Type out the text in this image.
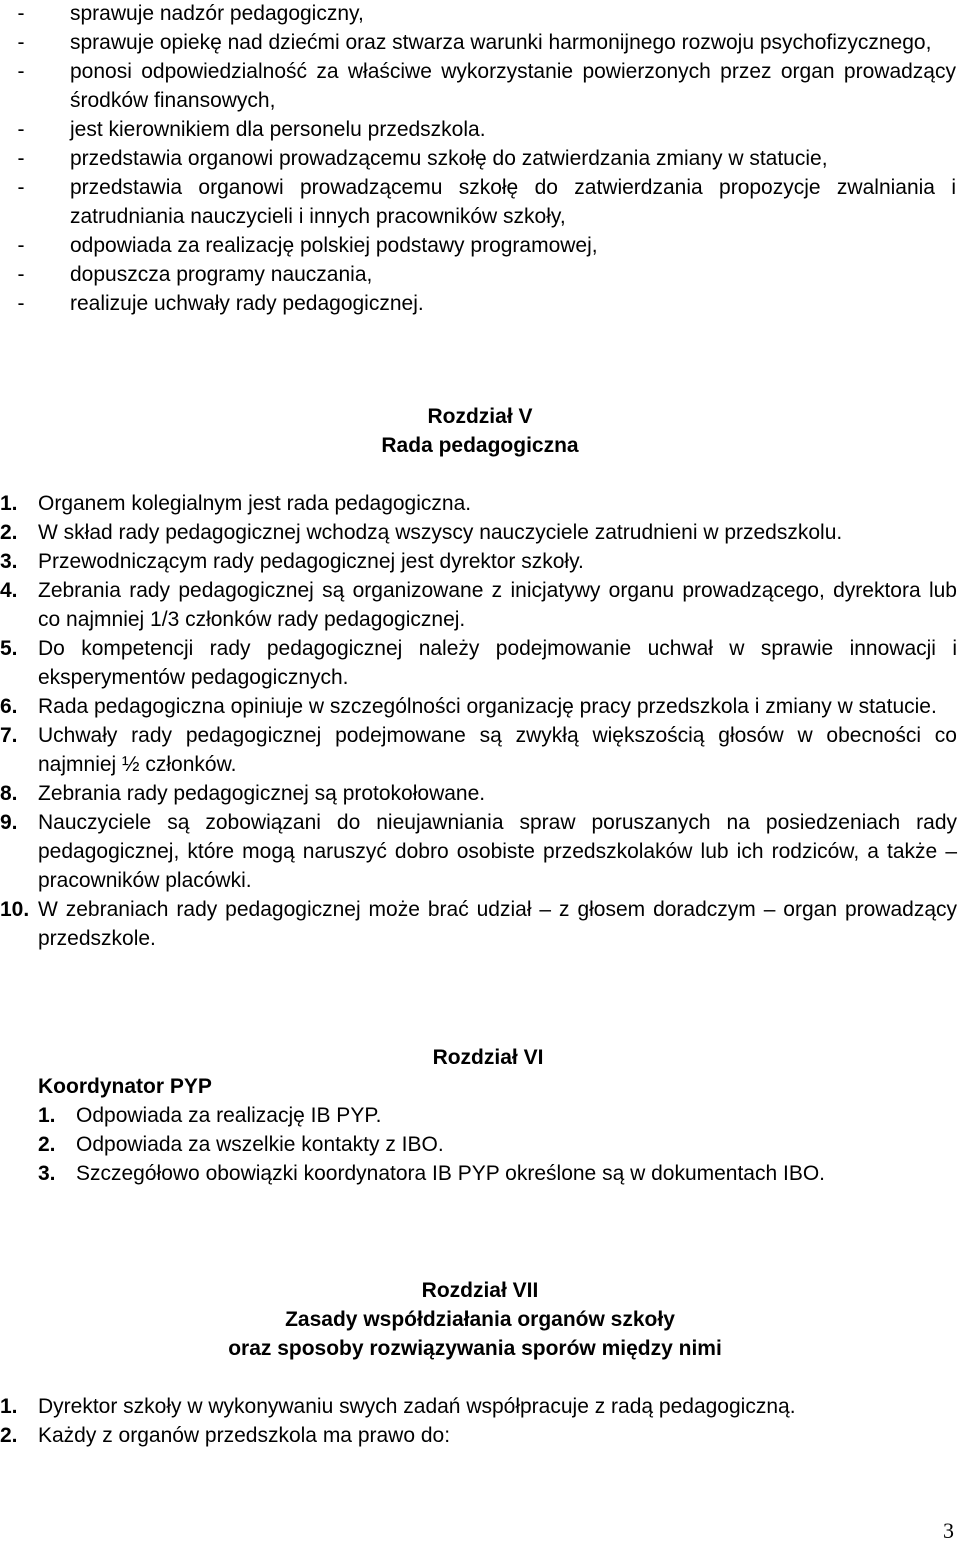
-	sprawuje nadzór pedagogiczny,
-	sprawuje opiekę nad dziećmi oraz stwarza warunki harmonijnego rozwoju psychofizycznego,
-	ponosi odpowiedzialność za właściwe wykorzystanie powierzonych przez organ prowadzący środków finansowych,
-	jest kierownikiem dla personelu przedszkola.
-	przedstawia organowi prowadzącemu szkołę do zatwierdzania zmiany w statucie,
-	przedstawia organowi prowadzącemu szkołę do zatwierdzania propozycje zwalniania i zatrudniania nauczycieli i innych pracowników szkoły,
-	odpowiada za realizację polskiej podstawy programowej,
-	dopuszcza programy nauczania,
-	realizuje uchwały rady pedagogicznej.
Rozdział V
Rada pedagogiczna
1. Organem kolegialnym jest rada pedagogiczna.
2. W skład rady pedagogicznej wchodzą wszyscy nauczyciele zatrudnieni w przedszkolu.
3. Przewodniczącym rady pedagogicznej jest dyrektor szkoły.
4. Zebrania rady pedagogicznej są organizowane z inicjatywy organu prowadzącego, dyrektora lub co najmniej 1/3 członków rady pedagogicznej.
5. Do kompetencji rady pedagogicznej należy podejmowanie uchwał w sprawie innowacji i eksperymentów pedagogicznych.
6. Rada pedagogiczna opiniuje w szczególności organizację pracy przedszkola i zmiany w statucie.
7. Uchwały rady pedagogicznej podejmowane są zwykłą większością głosów w obecności co najmniej ½ członków.
8. Zebrania rady pedagogicznej są protokołowane.
9. Nauczyciele są zobowiązani do nieujawniania spraw poruszanych na posiedzeniach rady pedagogicznej, które mogą naruszyć dobro osobiste przedszkolaków lub ich rodziców, a także – pracowników placówki.
10. W zebraniach rady pedagogicznej może brać udział – z głosem doradczym – organ prowadzący przedszkole.
Rozdział VI
Koordynator PYP
1. Odpowiada za realizację IB PYP.
2. Odpowiada za wszelkie kontakty z IBO.
3. Szczegółowo obowiązki koordynatora IB PYP określone są w dokumentach IBO.
Rozdział VII
Zasady współdziałania organów szkoły
oraz sposoby rozwiązywania sporów między nimi
1. Dyrektor szkoły w wykonywaniu swych zadań współpracuje z radą pedagogiczną.
2. Każdy z organów przedszkola ma prawo do:
3
